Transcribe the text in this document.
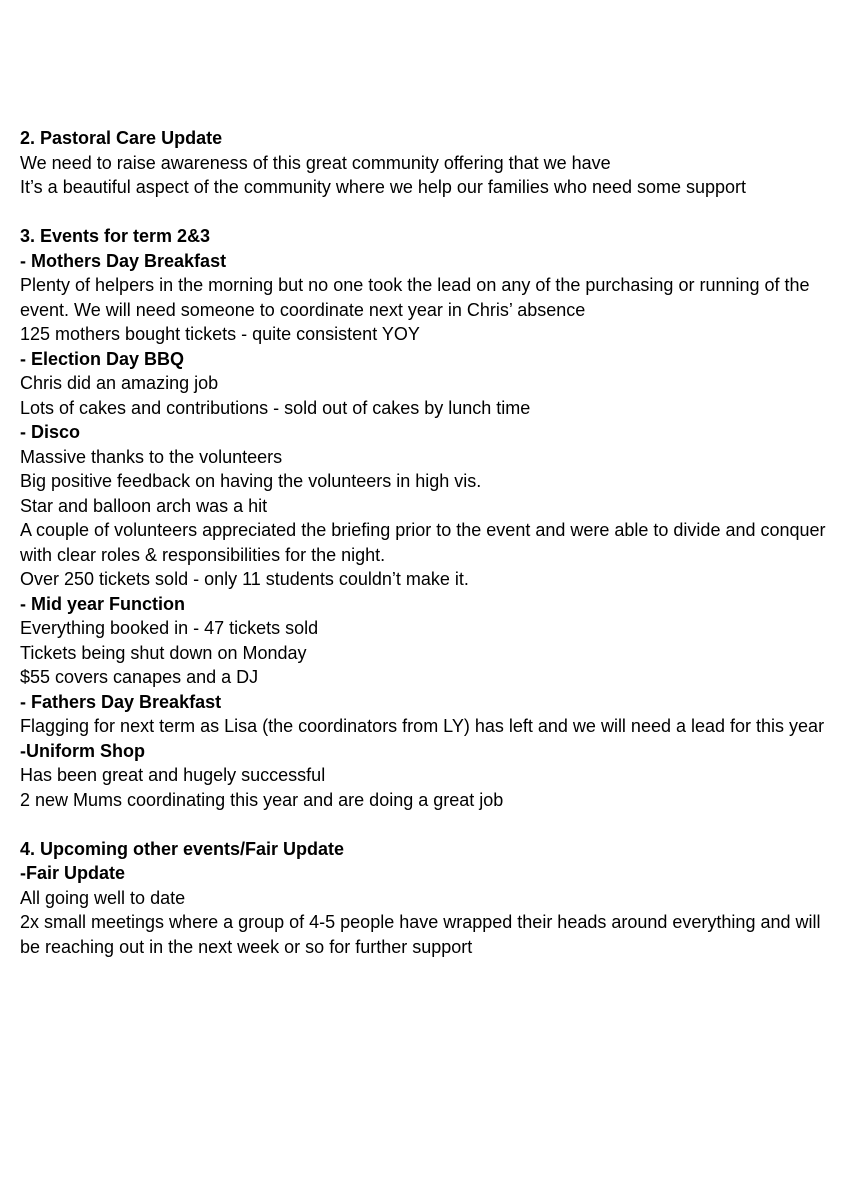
2. Pastoral Care Update

We need to raise awareness of this great community offering that we have

It’s a beautiful aspect of the community where we help our families who need some support

3. Events for term 2&3

- Mothers Day Breakfast

Plenty of helpers in the morning but no one took the lead on any of the purchasing or running of the event. We will need someone to coordinate next year in Chris’ absence

125 mothers bought tickets - quite consistent YOY

- Election Day BBQ

Chris did an amazing job

Lots of cakes and contributions - sold out of cakes by lunch time

- Disco

Massive thanks to the volunteers

Big positive feedback on having the volunteers in high vis.

Star and balloon arch was a hit

A couple of volunteers appreciated the briefing prior to the event and were able to divide and conquer with clear roles & responsibilities for the night.

Over 250 tickets sold - only 11 students couldn’t make it.

- Mid year Function

Everything booked in - 47 tickets sold

Tickets being shut down on Monday

$55 covers canapes and a DJ

- Fathers Day Breakfast

Flagging for next term as Lisa (the coordinators from LY) has left and we will need a lead for this year

-Uniform Shop

Has been great and hugely successful

2 new Mums coordinating this year and are doing a great job

4. Upcoming other events/Fair Update

-Fair Update

All going well to date

2x small meetings where a group of 4-5 people have wrapped their heads around everything and will be reaching out in the next week or so for further support
